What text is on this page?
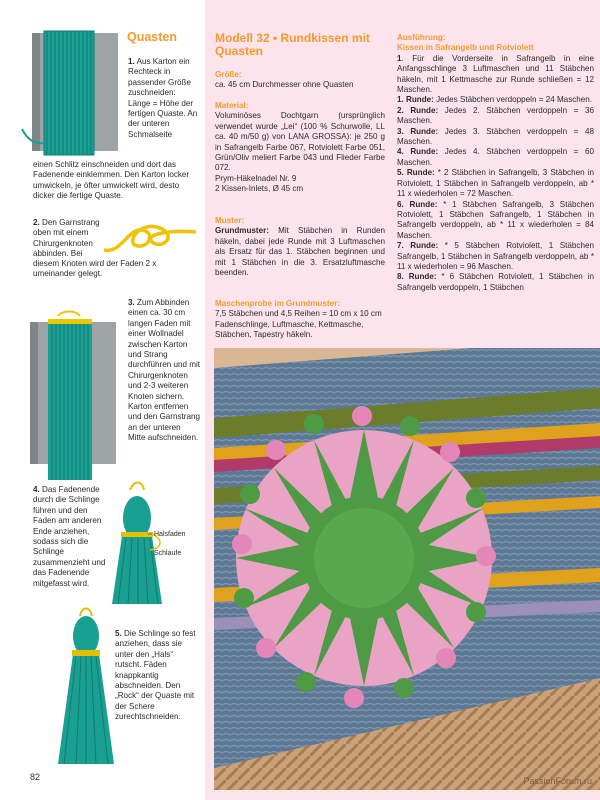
Quasten
1. Aus Karton ein Rechteck in passender Größe zuschneiden: Länge = Höhe der fertigen Quaste. An der unteren Schmalseite
einen Schlitz einschneiden und dort das Fadenende einklemmen. Den Karton locker umwickeln, je öfter umwickelt wird, desto dicker die fertige Quaste.
2. Den Garnstrang oben mit einem Chirurgenknoten abbinden. Bei
diesem Knoten wird der Faden 2 x umeinander gelegt.
3. Zum Abbinden einen ca. 30 cm langen Faden mit einer Wollnadel zwischen Karton und Strang durchführen und mit Chirurgenknoten und 2-3 weiteren Knoten sichern. Karton entfernen und den Garnstrang an der unteren Mitte aufschneiden.
Halsfaden
Schlaufe
4. Das Fadenende durch die Schlinge führen und den Faden am anderen Ende anziehen, sodass sich die Schlinge zusammenzieht und das Fadenende mitgefasst wird.
5. Die Schlinge so fest anziehen, dass sie unter den „Hals“ rutscht. Fäden knappkantig abschneiden. Den „Rock“ der Quaste mit der Schere zurechtschneiden.
Modell 32 • Rundkissen mit Quasten

Größe:

ca. 45 cm Durchmesser ohne Quasten

Material:

Voluminöses Dochtgarn (ursprünglich verwendet wurde „Lei“ (100 % Schurwolle, LL ca. 40 m/50 g) von LANA GROSSA): je 250 g in Safrangelb Farbe 067, Rotviolett Farbe 051, Grün/Oliv meliert Farbe 043 und Flieder Farbe 072.

Prym-Häkelnadel Nr. 9

2 Kissen-Inlets, Ø 45 cm

Muster:

Grundmuster: Mit Stäbchen in Runden häkeln, dabei jede Runde mit 3 Luftmaschen als Ersatz für das 1. Stäbchen beginnen und mit 1 Stäbchen in die 3. Ersatzluftmasche beenden.

Maschenprobe im Grundmuster:

7,5 Stäbchen und 4,5 Reihen = 10 cm x 10 cm

Fadenschlinge, Luftmasche, Kettmasche, Stäbchen, Tapestry häkeln.

Ausführung:

Kissen in Safrangelb und Rotviolett

1. Für die Vorderseite in Safrangelb in eine Anfangsschlinge 3 Luftmaschen und 11 Stäbchen häkeln, mit 1 Kettmasche zur Runde schließen = 12 Maschen.

1. Runde: Jedes Stäbchen verdoppeln = 24 Maschen.

2. Runde: Jedes 2. Stäbchen verdoppeln = 36 Maschen.

3. Runde: Jedes 3. Stäbchen verdoppeln = 48 Maschen.

4. Runde: Jedes 4. Stäbchen verdoppeln = 60 Maschen.

5. Runde: * 2 Stäbchen in Safrangelb, 3 Stäbchen in Rotviolett, 1 Stäbchen in Safrangelb verdoppeln, ab * 11 x wiederholen = 72 Maschen.

6. Runde: * 1 Stäbchen Safrangelb, 3 Stäbchen Rotviolett, 1 Stäbchen Safrangelb, 1 Stäbchen in Safrangelb verdoppeln, ab * 11 x wiederholen = 84 Maschen.

7. Runde: * 5 Stäbchen Rotviolett, 1 Stäbchen Safrangelb, 1 Stäbchen in Safrangelb verdoppeln, ab * 11 x wiederholen = 96 Maschen.

8. Runde: * 6 Stäbchen Rotviolett, 1 Stäbchen in Safrangelb verdoppeln, 1 Stäbchen

82	PassionForum.ru
